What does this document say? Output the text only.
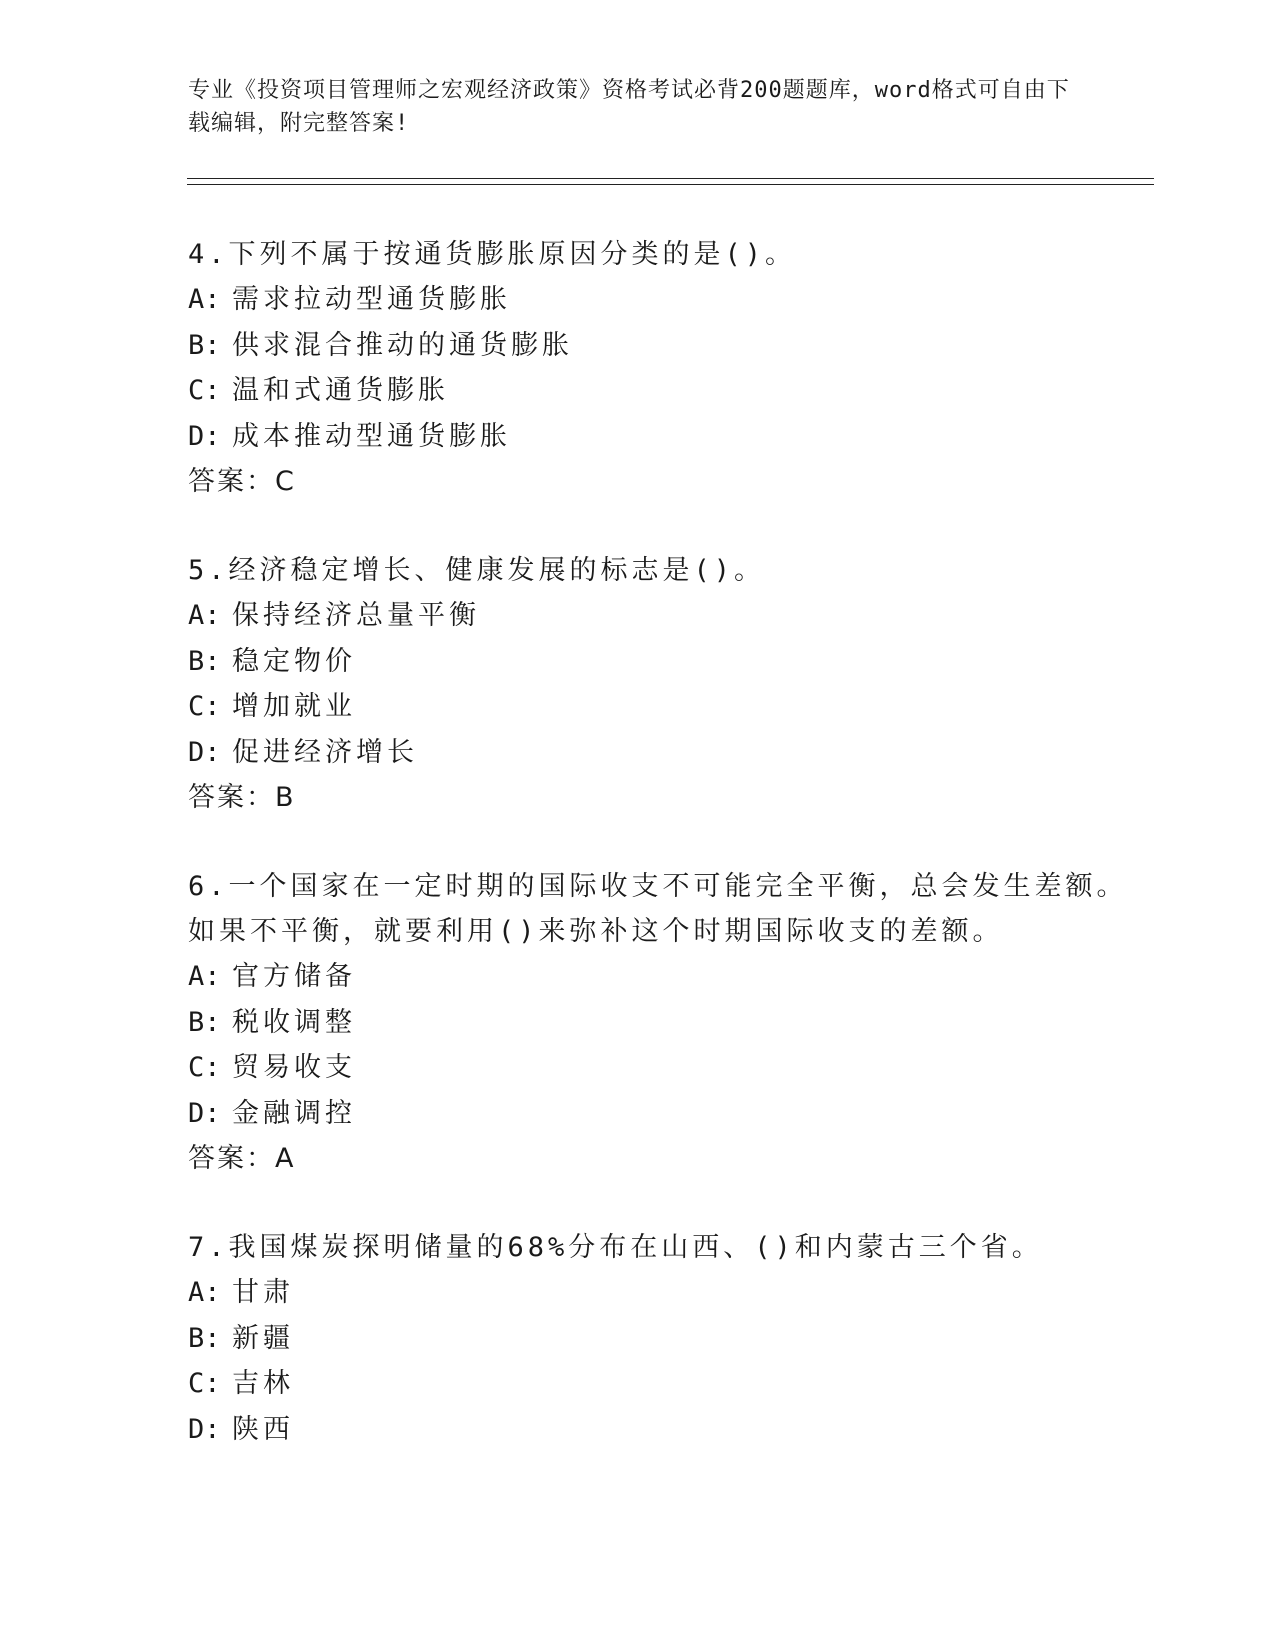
专业《投资项目管理师之宏观经济政策》资格考试必背200题题库，word格式可自由下载编辑，附完整答案!

4.下列不属于按通货膨胀原因分类的是()。

A: 需求拉动型通货膨胀
B: 供求混合推动的通货膨胀
C: 温和式通货膨胀
D: 成本推动型通货膨胀
答案：C

5.经济稳定增长、健康发展的标志是()。

A: 保持经济总量平衡
B: 稳定物价
C: 增加就业
D: 促进经济增长
答案：B

6.一个国家在一定时期的国际收支不可能完全平衡，总会发生差额。如果不平衡，就要利用()来弥补这个时期国际收支的差额。

A: 官方储备
B: 税收调整
C: 贸易收支
D: 金融调控
答案：A

7.我国煤炭探明储量的68%分布在山西、()和内蒙古三个省。

A: 甘肃
B: 新疆
C: 吉林
D: 陕西
